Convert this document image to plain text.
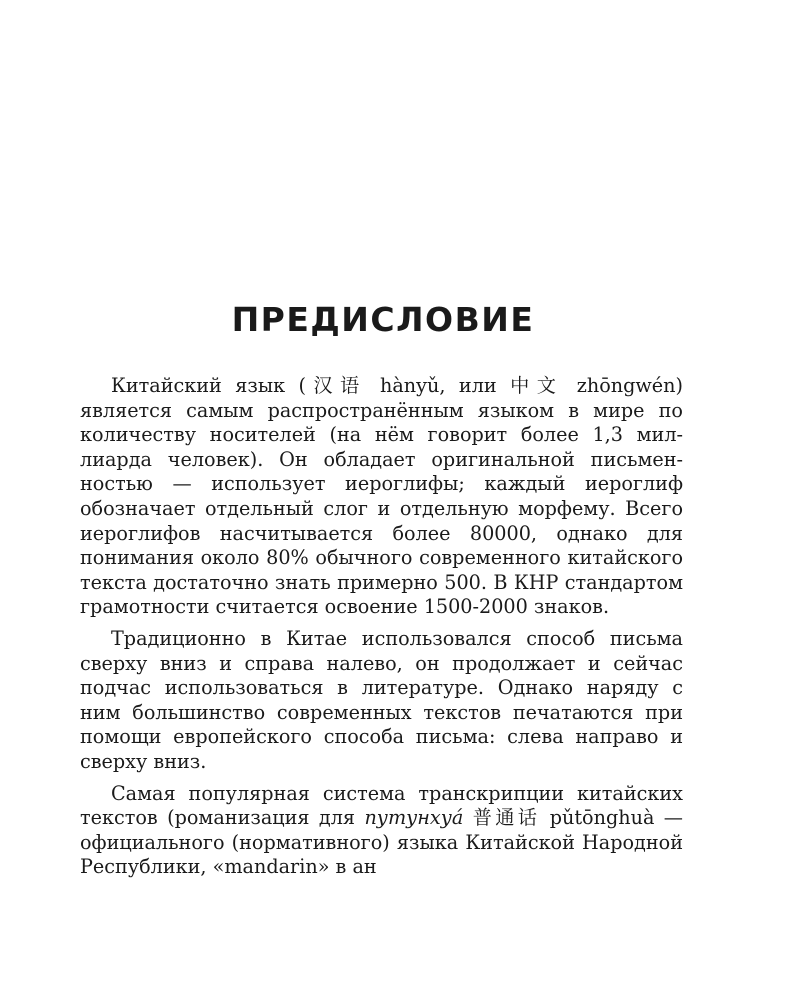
ПРЕДИСЛОВИЕ

Китайский язык (汉语 hànyǔ, или 中文 zhōngwén) является самым распространённым языком в мире по количеству носителей (на нём говорит более 1,3 миллиарда человек). Он обладает оригинальной письменностью — использует иероглифы; каждый иероглиф обозначает отдельный слог и отдельную морфему. Всего иероглифов насчитывается более 80000, однако для понимания около 80% обычного современного китайского текста достаточно знать примерно 500. В КНР стандартом грамотности считается освоение 1500-2000 знаков.

Традиционно в Китае использовался способ письма сверху вниз и справа налево, он продолжает и сейчас подчас использоваться в литературе. Однако наряду с ним большинство современных текстов печатаются при помощи европейского способа письма: слева направо и сверху вниз.

Самая популярная система транскрипции китайских текстов (романизация для путунхуá 普通话 pǔtōnghuà — официального (нормативного) языка Китайской Народной Республики, «mandarin» в ан
